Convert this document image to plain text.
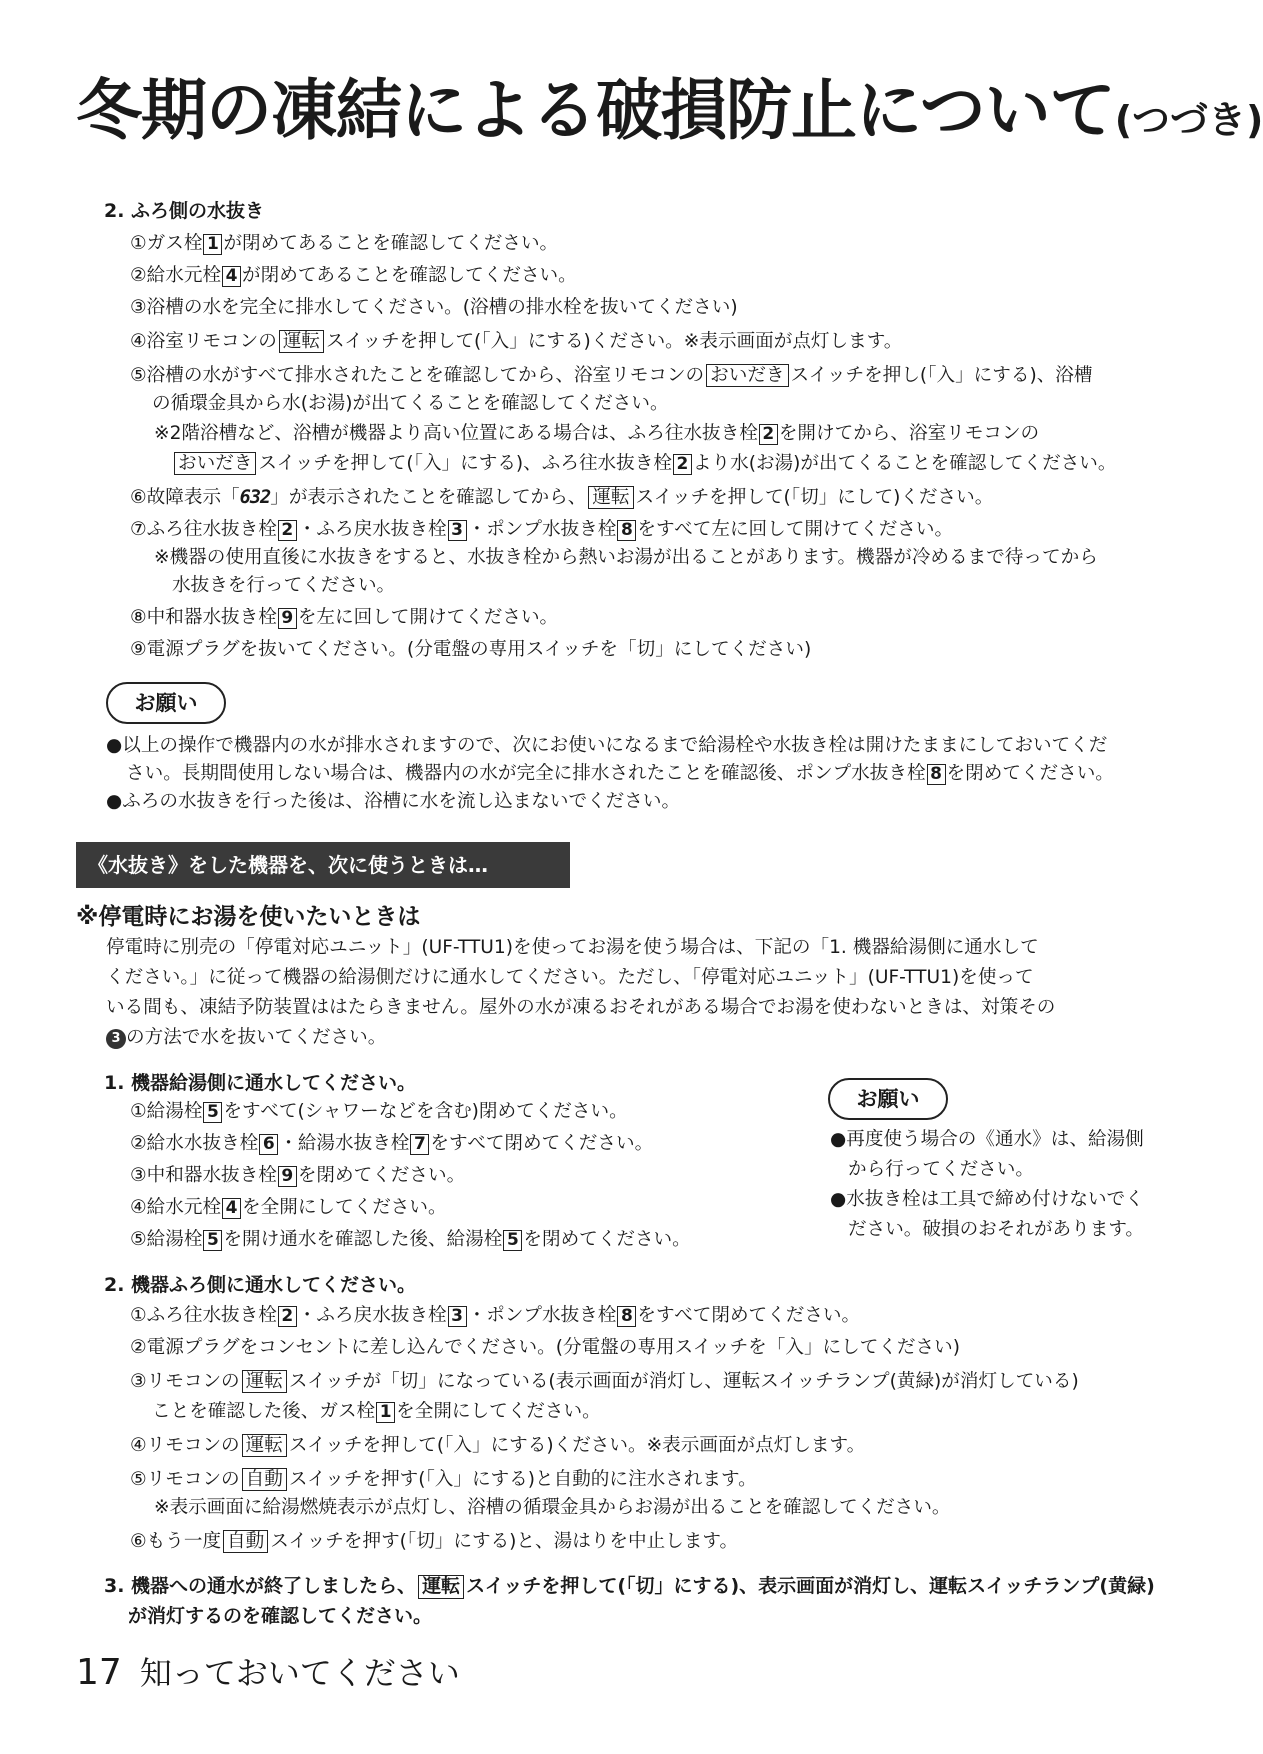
冬期の凍結による破損防止について(つづき)
2. ふろ側の水抜き
①ガス栓 1 が閉めてあることを確認してください。
②給水元栓 4 が閉めてあることを確認してください。
③浴槽の水を完全に排水してください。(浴槽の排水栓を抜いてください)
④浴室リモコンの 運転 スイッチを押して(「入」にする)ください。※表示画面が点灯します。
⑤浴槽の水がすべて排水されたことを確認してから、浴室リモコンの おいだき スイッチを押し(「入」にする)、浴槽
の循環金具から水(お湯)が出てくることを確認してください。
※2階浴槽など、浴槽が機器より高い位置にある場合は、ふろ往水抜き栓 2 を開けてから、浴室リモコンの
おいだき スイッチを押して(「入」にする)、ふろ往水抜き栓 2 より水(お湯)が出てくることを確認してください。
⑥故障表示「632」が表示されたことを確認してから、 運転 スイッチを押して(「切」にして)ください。
⑦ふろ往水抜き栓 2 ・ふろ戻水抜き栓 3 ・ポンプ水抜き栓 8 をすべて左に回して開けてください。
※機器の使用直後に水抜きをすると、水抜き栓から熱いお湯が出ることがあります。機器が冷めるまで待ってから
水抜きを行ってください。
⑧中和器水抜き栓 9 を左に回して開けてください。
⑨電源プラグを抜いてください。(分電盤の専用スイッチを「切」にしてください)
お願い
●以上の操作で機器内の水が排水されますので、次にお使いになるまで給湯栓や水抜き栓は開けたままにしておいてくだ
さい。長期間使用しない場合は、機器内の水が完全に排水されたことを確認後、ポンプ水抜き栓 8 を閉めてください。
●ふろの水抜きを行った後は、浴槽に水を流し込まないでください。
《水抜き》をした機器を、次に使うときは…
※停電時にお湯を使いたいときは
停電時に別売の「停電対応ユニット」(UF-TTU1)を使ってお湯を使う場合は、下記の「1. 機器給湯側に通水して
ください。」に従って機器の給湯側だけに通水してください。ただし、「停電対応ユニット」(UF-TTU1)を使って
いる間も、凍結予防装置ははたらきません。屋外の水が凍るおそれがある場合でお湯を使わないときは、対策その
3 の方法で水を抜いてください。
1. 機器給湯側に通水してください。
①給湯栓 5 をすべて(シャワーなどを含む)閉めてください。
②給水水抜き栓 6 ・給湯水抜き栓 7 をすべて閉めてください。
③中和器水抜き栓 9 を閉めてください。
④給水元栓 4 を全開にしてください。
⑤給湯栓 5 を開け通水を確認した後、給湯栓 5 を閉めてください。
お願い
●再度使う場合の《通水》は、給湯側
から行ってください。
●水抜き栓は工具で締め付けないでく
ださい。破損のおそれがあります。
2. 機器ふろ側に通水してください。
①ふろ往水抜き栓 2 ・ふろ戻水抜き栓 3 ・ポンプ水抜き栓 8 をすべて閉めてください。
②電源プラグをコンセントに差し込んでください。(分電盤の専用スイッチを「入」にしてください)
③リモコンの 運転 スイッチが「切」になっている(表示画面が消灯し、運転スイッチランプ(黄緑)が消灯している)
ことを確認した後、ガス栓 1 を全開にしてください。
④リモコンの 運転 スイッチを押して(「入」にする)ください。※表示画面が点灯します。
⑤リモコンの 自動 スイッチを押す(「入」にする)と自動的に注水されます。
※表示画面に給湯燃焼表示が点灯し、浴槽の循環金具からお湯が出ることを確認してください。
⑥もう一度 自動 スイッチを押す(「切」にする)と、湯はりを中止します。
3. 機器への通水が終了しましたら、 運転 スイッチを押して(「切」にする)、表示画面が消灯し、運転スイッチランプ(黄緑)
が消灯するのを確認してください。
17 知っておいてください
